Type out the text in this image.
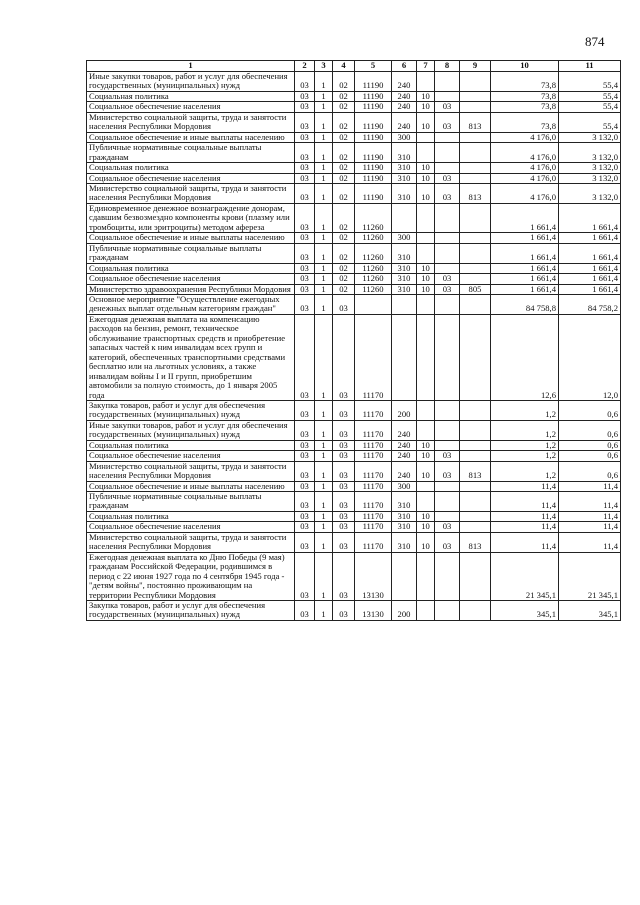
874
1	2	3	4	5	6	7	8	9	10	11
Иные закупки товаров, работ и услуг для обеспечения государственных (муниципальных) нужд	03	1	02	11190	240				73,8	55,4
Социальная политика	03	1	02	11190	240	10			73,8	55,4
Социальное обеспечение населения	03	1	02	11190	240	10	03		73,8	55,4
Министерство социальной защиты, труда и занятости населения Республики Мордовия	03	1	02	11190	240	10	03	813	73,8	55,4
Социальное обеспечение и иные выплаты населению	03	1	02	11190	300				4 176,0	3 132,0
Публичные нормативные социальные выплаты гражданам	03	1	02	11190	310				4 176,0	3 132,0
Социальная политика	03	1	02	11190	310	10			4 176,0	3 132,0
Социальное обеспечение населения	03	1	02	11190	310	10	03		4 176,0	3 132,0
Министерство социальной защиты, труда и занятости населения Республики Мордовия	03	1	02	11190	310	10	03	813	4 176,0	3 132,0
Единовременное денежное вознаграждение донорам, сдавшим безвозмездно компоненты крови (плазму или тромбоциты, или эритроциты) методом афереза	03	1	02	11260					1 661,4	1 661,4
Социальное обеспечение и иные выплаты населению	03	1	02	11260	300				1 661,4	1 661,4
Публичные нормативные социальные выплаты гражданам	03	1	02	11260	310				1 661,4	1 661,4
Социальная политика	03	1	02	11260	310	10			1 661,4	1 661,4
Социальное обеспечение населения	03	1	02	11260	310	10	03		1 661,4	1 661,4
Министерство здравоохранения Республики Мордовия	03	1	02	11260	310	10	03	805	1 661,4	1 661,4
Основное мероприятие "Осуществление ежегодных денежных выплат отдельным категориям граждан"	03	1	03						84 758,8	84 758,2
Ежегодная денежная выплата на компенсацию расходов на бензин, ремонт, техническое обслуживание транспортных средств и приобретение запасных частей к ним инвалидам всех групп и категорий, обеспеченных транспортными средствами бесплатно или на льготных условиях, а также инвалидам войны I и II групп, приобретшим автомобили за полную стоимость, до 1 января 2005 года	03	1	03	11170					12,6	12,0
Закупка товаров, работ и услуг для обеспечения государственных (муниципальных) нужд	03	1	03	11170	200				1,2	0,6
Иные закупки товаров, работ и услуг для обеспечения государственных (муниципальных) нужд	03	1	03	11170	240				1,2	0,6
Социальная политика	03	1	03	11170	240	10			1,2	0,6
Социальное обеспечение населения	03	1	03	11170	240	10	03		1,2	0,6
Министерство социальной защиты, труда и занятости населения Республики Мордовия	03	1	03	11170	240	10	03	813	1,2	0,6
Социальное обеспечение и иные выплаты населению	03	1	03	11170	300				11,4	11,4
Публичные нормативные социальные выплаты гражданам	03	1	03	11170	310				11,4	11,4
Социальная политика	03	1	03	11170	310	10			11,4	11,4
Социальное обеспечение населения	03	1	03	11170	310	10	03		11,4	11,4
Министерство социальной защиты, труда и занятости населения Республики Мордовия	03	1	03	11170	310	10	03	813	11,4	11,4
Ежегодная денежная выплата ко Дню Победы (9 мая) гражданам Российской Федерации, родившимся в период с 22 июня 1927 года по 4 сентября 1945 года - "детям войны", постоянно проживающим на территории Республики Мордовия	03	1	03	13130					21 345,1	21 345,1
Закупка товаров, работ и услуг для обеспечения государственных (муниципальных) нужд	03	1	03	13130	200				345,1	345,1
